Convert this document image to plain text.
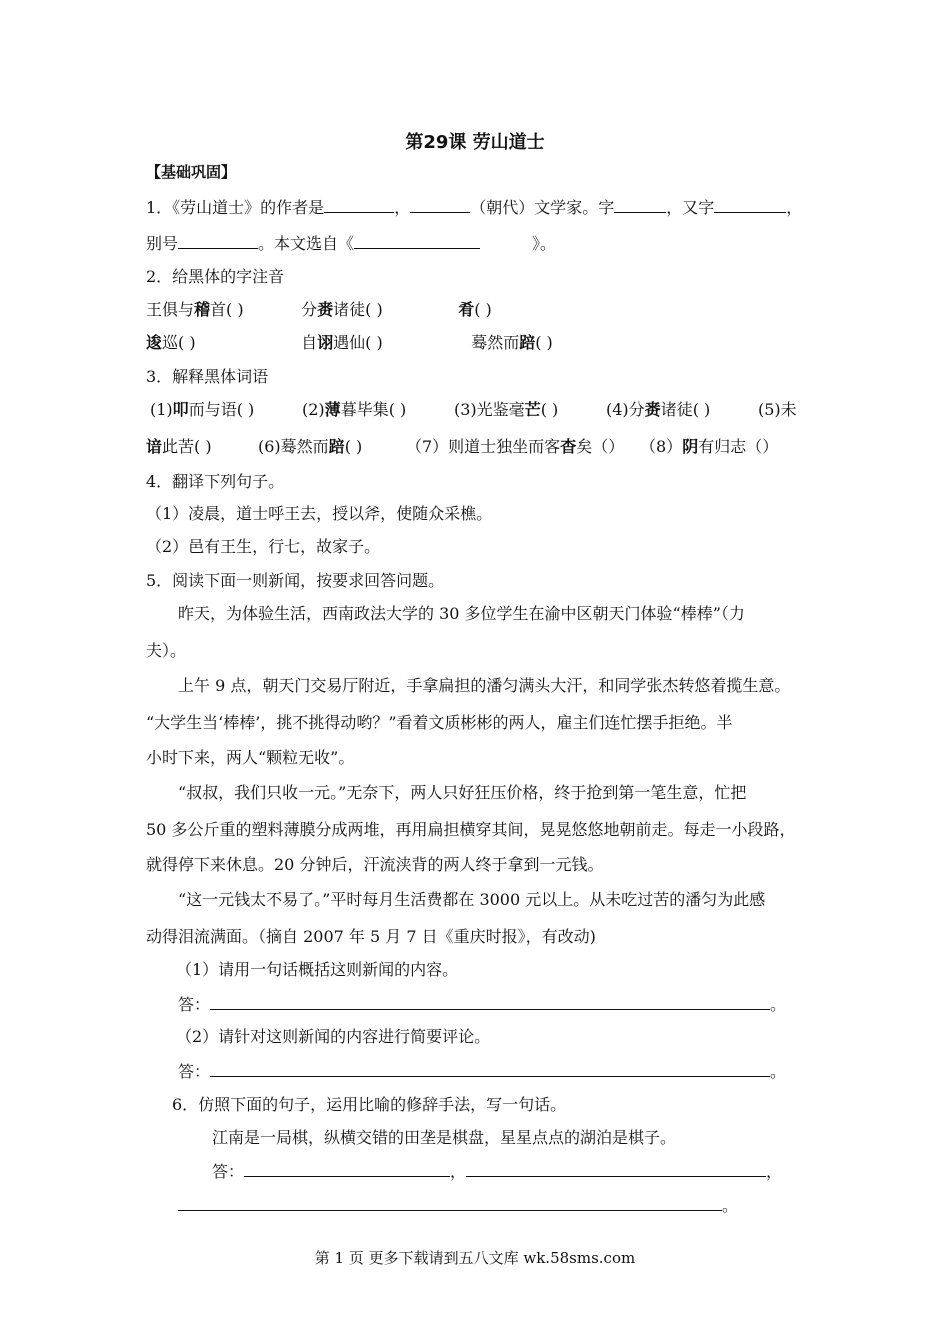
第29课 劳山道士
【基础巩固】
1．《劳山道士》的作者是	，	（朝代）文学家。字	，又字	，
别号	。本文选自《	》。
2．给黑体的字注音
王俱与稽首( )	分赉诸徒( )	肴( )
逡巡( )	自诩遇仙( )	蓦然而踣( )
3．解释黑体词语
(1)叩而与语( )	(2)薄暮毕集( )	(3)光鉴毫芒( )	(4)分赉诸徒( )	(5)未
谙此苦( )	(6)蓦然而踣( )	（7）则道士独坐而客杳矣（） （8）阴有归志（）
4．翻译下列句子。
（1）凌晨，道士呼王去，授以斧，使随众采樵。
（2）邑有王生，行七，故家子。
5．阅读下面一则新闻，按要求回答问题。
昨天，为体验生活，西南政法大学的 30 多位学生在渝中区朝天门体验“棒棒”（力
夫）。
上午 9 点，朝天门交易厅附近，手拿扁担的潘匀满头大汗，和同学张杰转悠着揽生意。
“大学生当‘棒棒’，挑不挑得动哟？”看着文质彬彬的两人，雇主们连忙摆手拒绝。半
小时下来，两人“颗粒无收”。
“叔叔，我们只收一元。”无奈下，两人只好狂压价格，终于抢到第一笔生意，忙把
50 多公斤重的塑料薄膜分成两堆，再用扁担横穿其间，晃晃悠悠地朝前走。每走一小段路，
就得停下来休息。20 分钟后，汗流浃背的两人终于拿到一元钱。
“这一元钱太不易了。”平时每月生活费都在 3000 元以上。从未吃过苦的潘匀为此感
动得泪流满面。（摘自 2007 年 5 月 7 日《重庆时报》，有改动)
（1）请用一句话概括这则新闻的内容。
答：	。
（2）请针对这则新闻的内容进行简要评论。
答：	。
6．仿照下面的句子，运用比喻的修辞手法，写一句话。
江南是一局棋，纵横交错的田垄是棋盘，星星点点的湖泊是棋子。
答：	，	，
。
第 1 页 更多下载请到五八文库 wk.58sms.com
